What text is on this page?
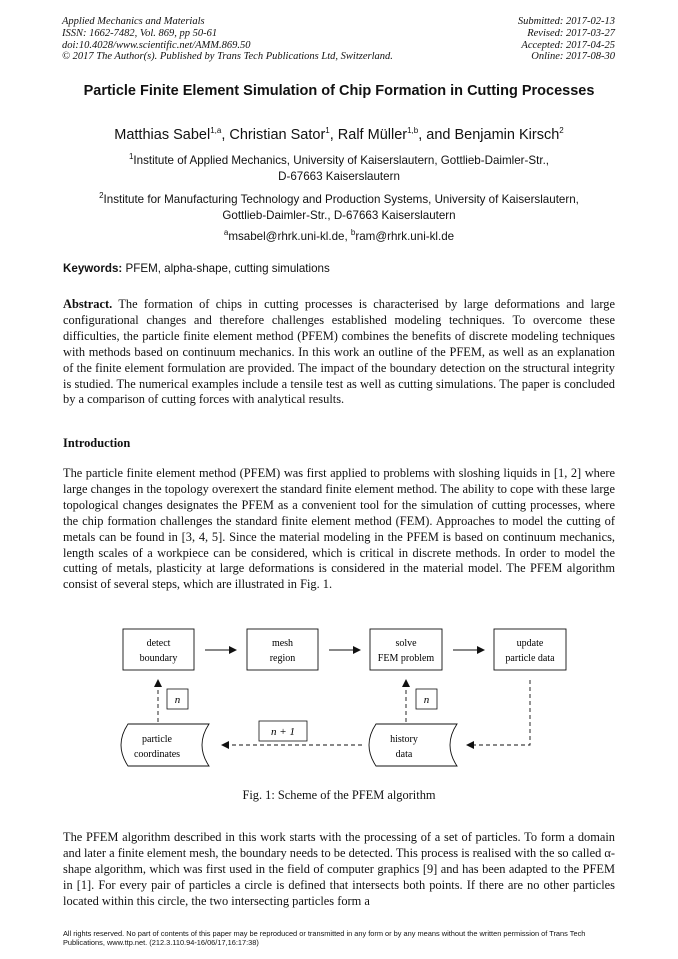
Applied Mechanics and Materials
ISSN: 1662-7482, Vol. 869, pp 50-61
doi:10.4028/www.scientific.net/AMM.869.50
© 2017 The Author(s). Published by Trans Tech Publications Ltd, Switzerland.
Submitted: 2017-02-13
Revised: 2017-03-27
Accepted: 2017-04-25
Online: 2017-08-30
Particle Finite Element Simulation of Chip Formation in Cutting Processes
Matthias Sabel$^{1,a}$, Christian Sator$^1$, Ralf Müller$^{1,b}$, and Benjamin Kirsch$^2$
$^1$Institute of Applied Mechanics, University of Kaiserslautern, Gottlieb-Daimler-Str.,
D-67663 Kaiserslautern
$^2$Institute for Manufacturing Technology and Production Systems, University of Kaiserslautern,
Gottlieb-Daimler-Str., D-67663 Kaiserslautern
$^a$msabel@rhrk.uni-kl.de, $^b$ram@rhrk.uni-kl.de
Keywords: PFEM, alpha-shape, cutting simulations
Abstract. The formation of chips in cutting processes is characterised by large deformations and large configurational changes and therefore challenges established modeling techniques. To overcome these difficulties, the particle finite element method (PFEM) combines the benefits of discrete modeling techniques with methods based on continuum mechanics. In this work an outline of the PFEM, as well as an explanation of the finite element formulation are provided. The impact of the boundary detection on the structural integrity is studied. The numerical examples include a tensile test as well as cutting simulations. The paper is concluded by a comparison of cutting forces with analytical results.
Introduction
The particle finite element method (PFEM) was first applied to problems with sloshing liquids in [1, 2] where large changes in the topology overexert the standard finite element method. The ability to cope with these large topological changes designates the PFEM as a convenient tool for the simulation of cutting processes, where the chip formation challenges the standard finite element method (FEM). Approaches to model the cutting of metals can be found in [3, 4, 5]. Since the material modeling in the PFEM is based on continuum mechanics, length scales of a workpiece can be considered, which is critical in discrete methods. In order to model the cutting of metals, plasticity at large deformations is considered in the material model. The PFEM algorithm consist of several steps, which are illustrated in Fig. 1.
detect
boundary
mesh
region
solve
FEM problem
update
particle data
n	n
particle
coordinates
history
data
n + 1
Fig. 1: Scheme of the PFEM algorithm
The PFEM algorithm described in this work starts with the processing of a set of particles. To form a domain and later a finite element mesh, the boundary needs to be detected. This process is realised with the so called α-shape algorithm, which was first used in the field of computer graphics [9] and has been adapted to the PFEM in [1]. For every pair of particles a circle is defined that intersects both points. If there are no other particles located within this circle, the two intersecting particles form a
All rights reserved. No part of contents of this paper may be reproduced or transmitted in any form or by any means without the written permission of Trans Tech Publications, www.ttp.net. (212.3.110.94-16/06/17,16:17:38)
